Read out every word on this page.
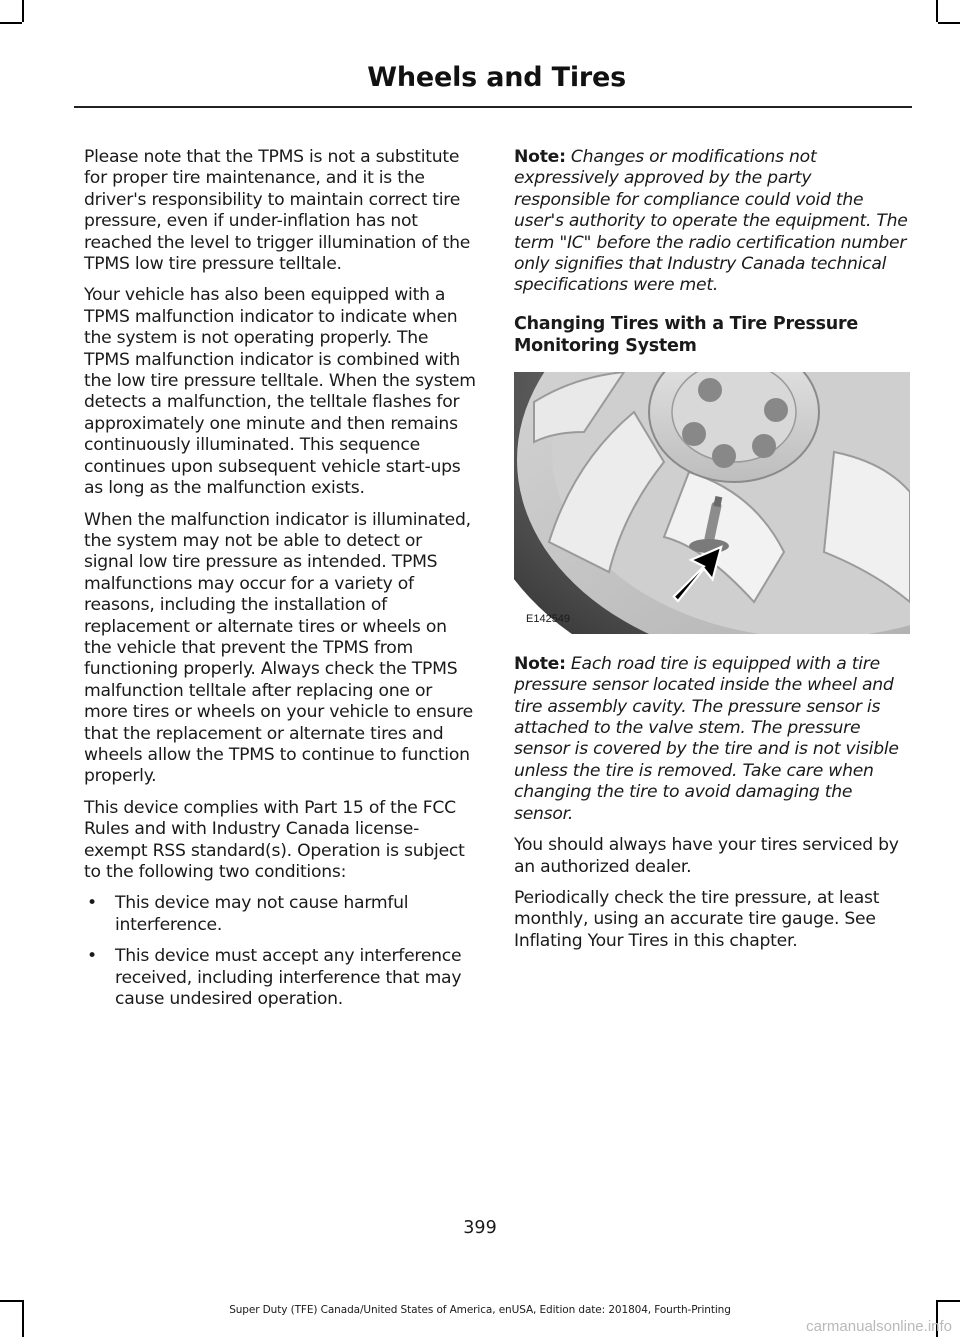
Wheels and Tires

Please note that the TPMS is not a substitute for proper tire maintenance, and it is the driver's responsibility to maintain correct tire pressure, even if under-inflation has not reached the level to trigger illumination of the TPMS low tire pressure telltale.

Your vehicle has also been equipped with a TPMS malfunction indicator to indicate when the system is not operating properly. The TPMS malfunction indicator is combined with the low tire pressure telltale. When the system detects a malfunction, the telltale flashes for approximately one minute and then remains continuously illuminated. This sequence continues upon subsequent vehicle start-ups as long as the malfunction exists.

When the malfunction indicator is illuminated, the system may not be able to detect or signal low tire pressure as intended. TPMS malfunctions may occur for a variety of reasons, including the installation of replacement or alternate tires or wheels on the vehicle that prevent the TPMS from functioning properly. Always check the TPMS malfunction telltale after replacing one or more tires or wheels on your vehicle to ensure that the replacement or alternate tires and wheels allow the TPMS to continue to function properly.

This device complies with Part 15 of the FCC Rules and with Industry Canada license-exempt RSS standard(s). Operation is subject to the following two conditions:

• This device may not cause harmful interference.
• This device must accept any interference received, including interference that may cause undesired operation.

Note: Changes or modifications not expressively approved by the party responsible for compliance could void the user's authority to operate the equipment. The term "IC" before the radio certification number only signifies that Industry Canada technical specifications were met.

Changing Tires with a Tire Pressure Monitoring System
E142549

Note: Each road tire is equipped with a tire pressure sensor located inside the wheel and tire assembly cavity. The pressure sensor is attached to the valve stem. The pressure sensor is covered by the tire and is not visible unless the tire is removed. Take care when changing the tire to avoid damaging the sensor.

You should always have your tires serviced by an authorized dealer.

Periodically check the tire pressure, at least monthly, using an accurate tire gauge. See Inflating Your Tires in this chapter.

399
Super Duty (TFE) Canada/United States of America, enUSA, Edition date: 201804, Fourth-Printing
carmanualsonline.info
